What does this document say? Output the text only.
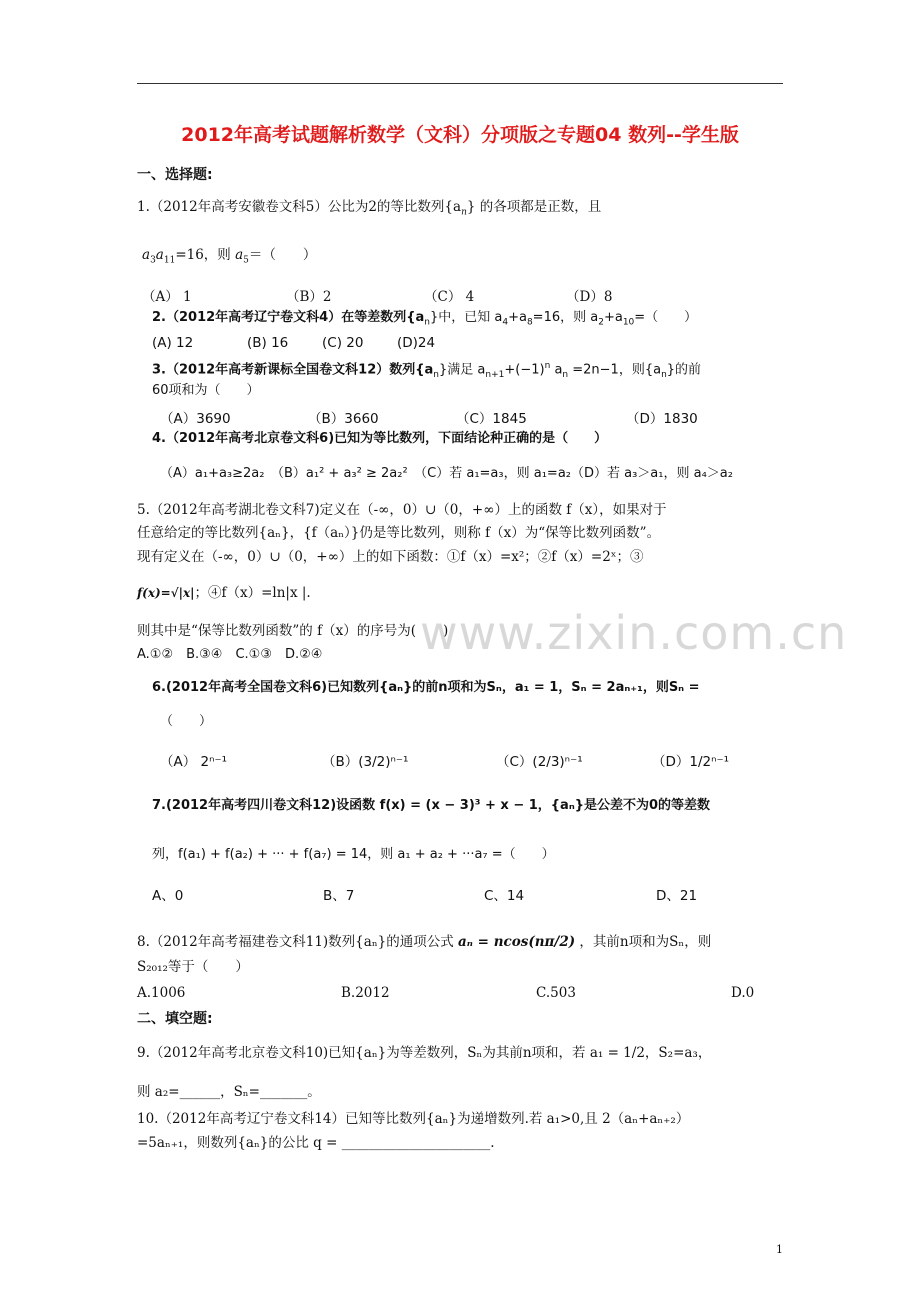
2012年高考试题解析数学（文科）分项版之专题04 数列--学生版
一、选择题:
1.（2012年高考安徽卷文科5）公比为2的等比数列$\{a_n\}$ 的各项都是正数，且
$a_3a_{11}=16$，则 $a_5=$（　　）
（A） 1	（B）2	（C） 4	（D）8
2.（2012年高考辽宁卷文科4）在等差数列$\{a_n\}$中，已知 $a_4+a_8=16$，则 $a_2+a_{10}=$（　　）
(A) 12	(B) 16 (C) 20 (D)24
3.（2012年高考新课标全国卷文科12）数列$\{a_n\}$满足 $a_{n+1}+(-1)^n$ $a_n =2n-1$，则$\{a_n\}$的前
60项和为（　　）
（A）3690	（B）3660	（C）1845	（D）1830
4.（2012年高考北京卷文科6)已知为等比数列，下面结论种正确的是（　　）
（A）a₁+a₃≥2a₂　（B）a₁² + a₃² ≥ 2a₂²　（C）若 a₁=a₃，则 a₁=a₂（D）若 a₃＞a₁，则 a₄＞a₂
5.（2012年高考湖北卷文科7)定义在（-∞，0）∪（0，+∞）上的函数 f（x），如果对于
任意给定的等比数列{aₙ}，{f（aₙ）}仍是等比数列，则称 f（x）为“保等比数列函数”。
现有定义在（-∞，0）∪（0，+∞）上的如下函数：①f（x）=x²；②f（x）=2ˣ；③
f(x)=√|x|；④f（x）=ln|x |.
则其中是“保等比数列函数”的 f（x）的序号为(　　)
A.①②　B.③④　C.①③　D.②④
6.(2012年高考全国卷文科6)已知数列{aₙ}的前n项和为Sₙ，a₁ = 1，Sₙ = 2aₙ₊₁，则Sₙ =
（　　）
（A） 2ⁿ⁻¹	（B）(3/2)ⁿ⁻¹	（C）(2/3)ⁿ⁻¹	（D）1/2ⁿ⁻¹
7.(2012年高考四川卷文科12)设函数 f(x) = (x − 3)³ + x − 1，{aₙ}是公差不为0的等差数
列，f(a₁) + f(a₂) + ··· + f(a₇) = 14，则 a₁ + a₂ + ···a₇ =（　　）
A、0	B、7	C、14	D、21
8.（2012年高考福建卷文科11)数列{aₙ}的通项公式 aₙ = ncos(nπ/2) ，其前n项和为Sₙ，则
S₂₀₁₂等于（　　）
A.1006	B.2012	C.503	D.0
二、填空题:
9.（2012年高考北京卷文科10)已知{aₙ}为等差数列，Sₙ为其前n项和，若 a₁ = 1/2，S₂=a₃，
则 a₂=______，Sₙ=_______。
10.（2012年高考辽宁卷文科14）已知等比数列{aₙ}为递增数列.若 a₁>0,且 2（aₙ+aₙ₊₂）
=5aₙ₊₁，则数列{aₙ}的公比 q = ______________________.
www.zixin.com.cn
1
